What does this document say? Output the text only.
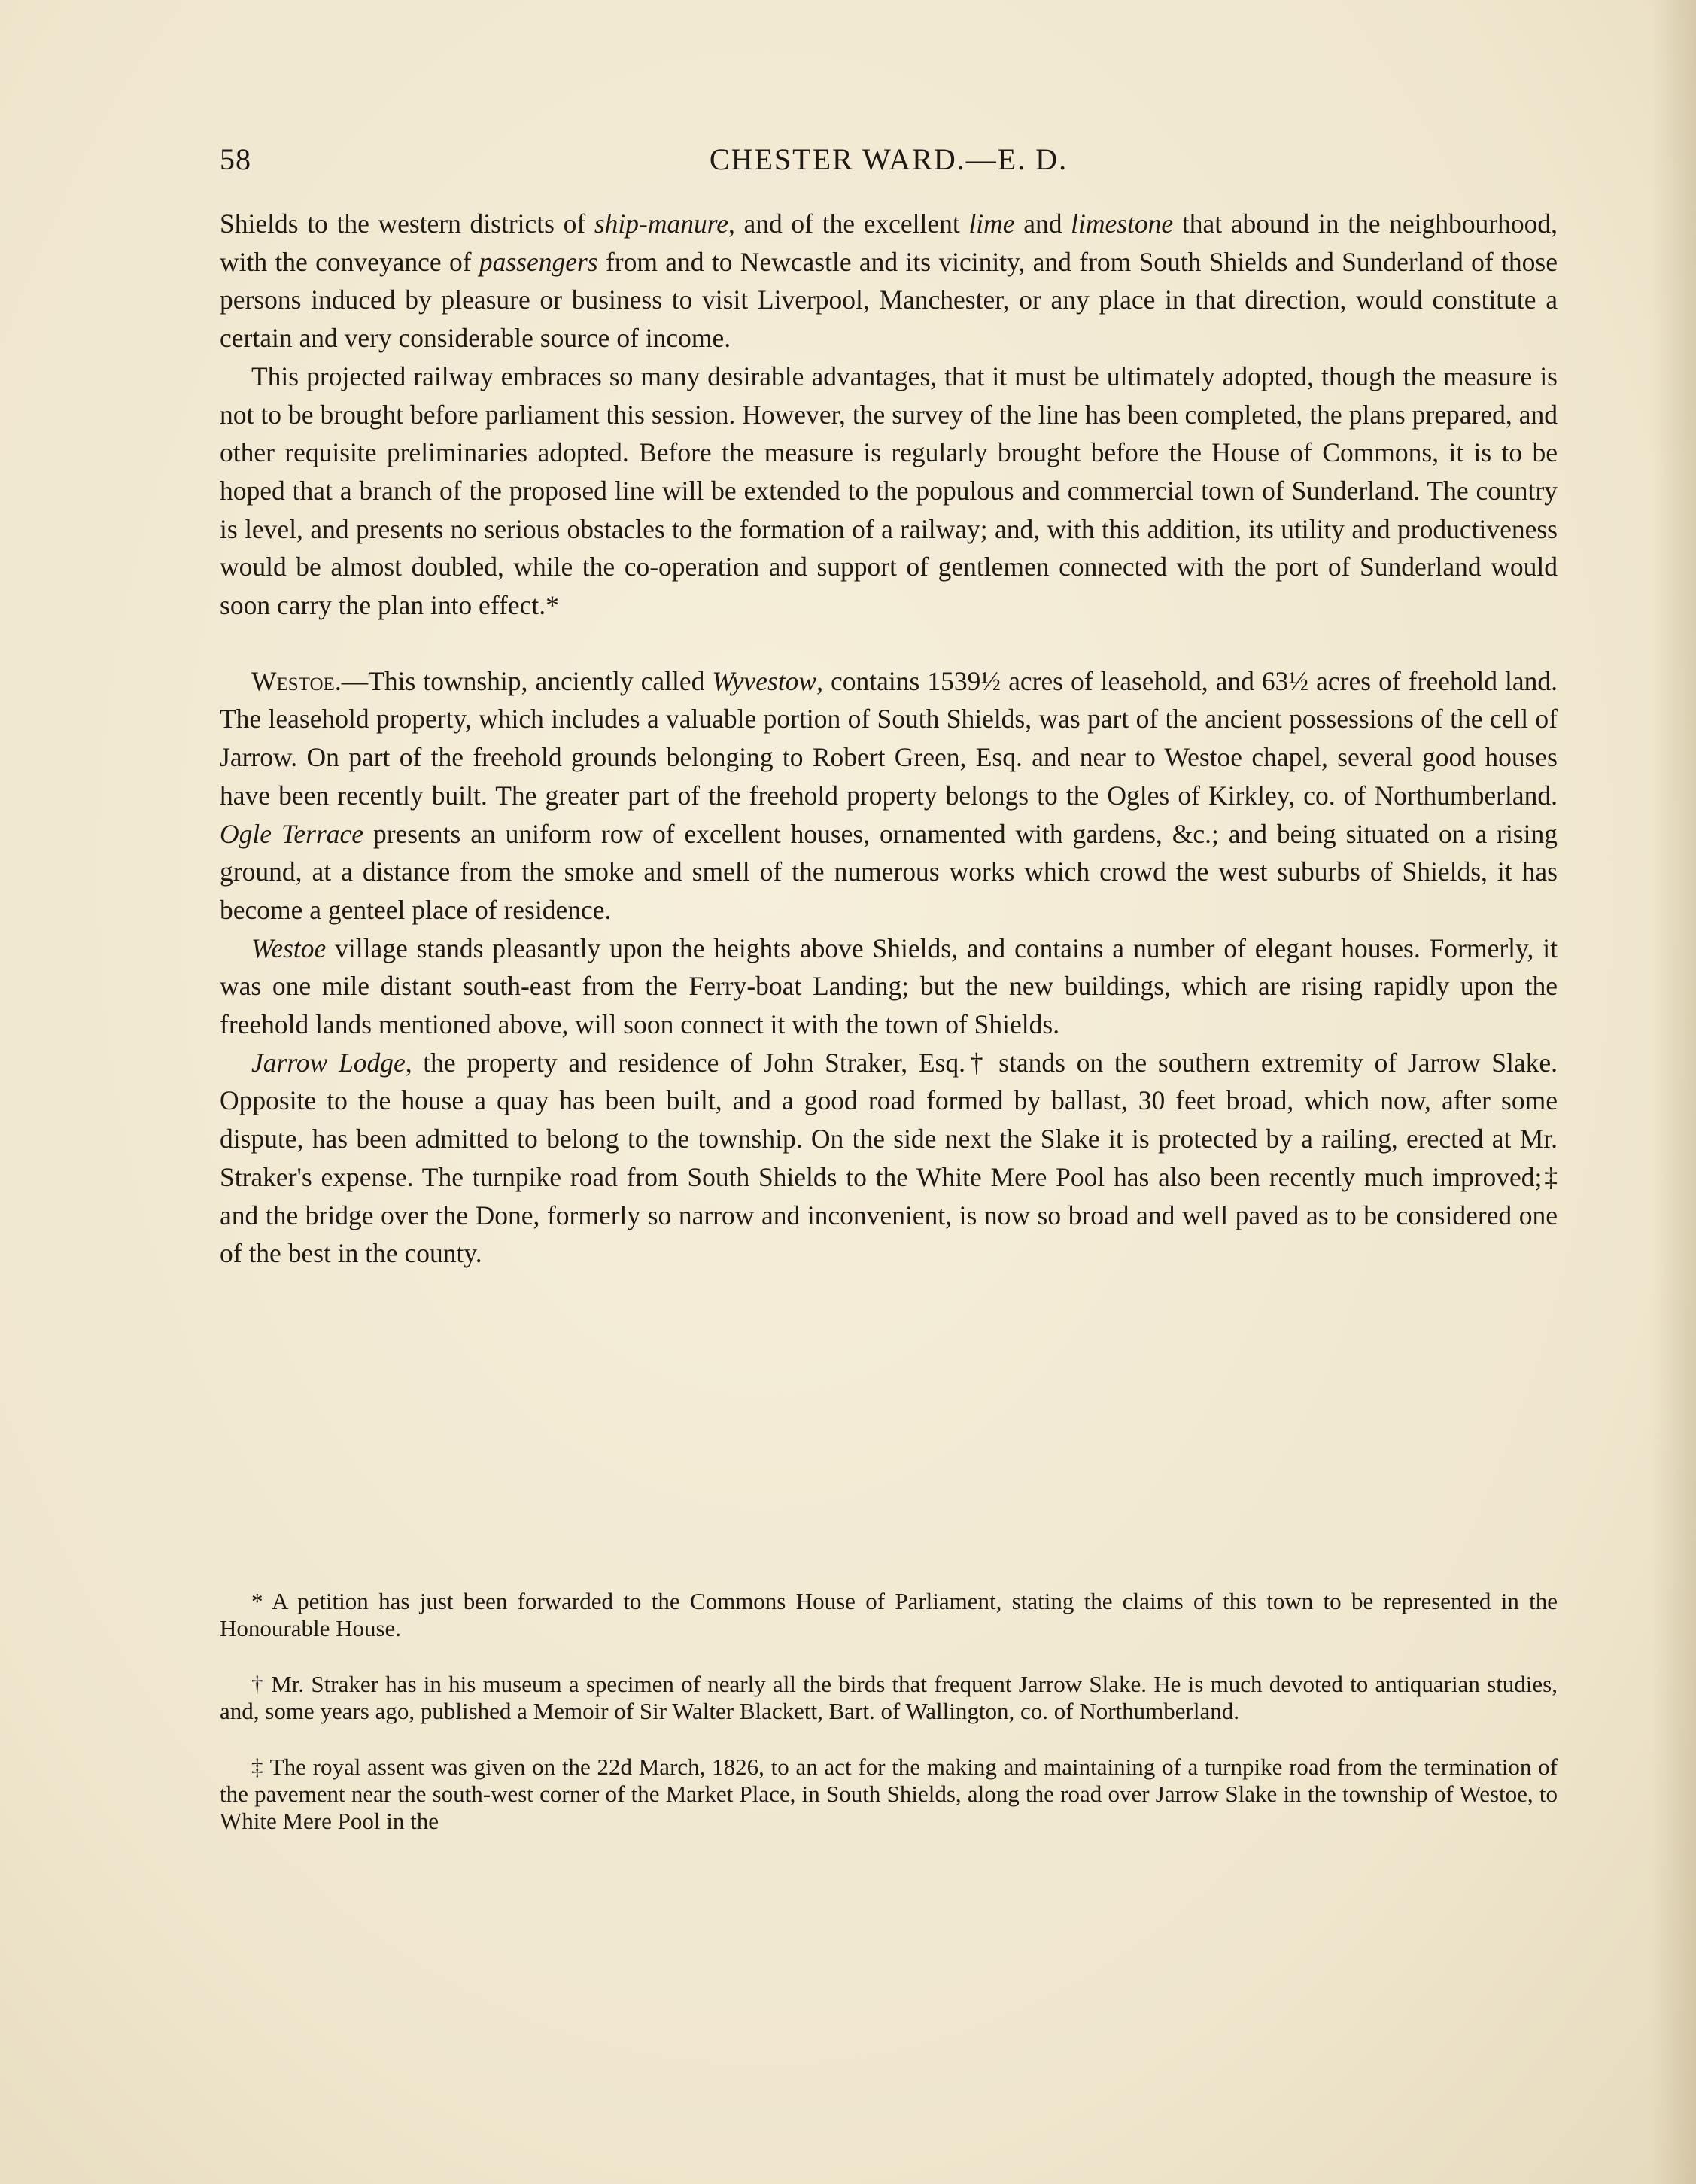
58	CHESTER WARD.—E. D.

Shields to the western districts of ship-manure, and of the excellent lime and limestone that abound in the neighbourhood, with the conveyance of passengers from and to Newcastle and its vicinity, and from South Shields and Sunderland of those persons induced by pleasure or business to visit Liverpool, Manchester, or any place in that direction, would constitute a certain and very considerable source of income.

This projected railway embraces so many desirable advantages, that it must be ultimately adopted, though the measure is not to be brought before parliament this session. However, the survey of the line has been completed, the plans prepared, and other requisite preliminaries adopted. Before the measure is regularly brought before the House of Commons, it is to be hoped that a branch of the proposed line will be extended to the populous and commercial town of Sunderland. The country is level, and presents no serious obstacles to the formation of a railway; and, with this addition, its utility and productiveness would be almost doubled, while the co-operation and support of gentlemen connected with the port of Sunderland would soon carry the plan into effect.*

Westoe.—This township, anciently called Wyvestow, contains 1539½ acres of leasehold, and 63½ acres of freehold land. The leasehold property, which includes a valuable portion of South Shields, was part of the ancient possessions of the cell of Jarrow. On part of the freehold grounds belonging to Robert Green, Esq. and near to Westoe chapel, several good houses have been recently built. The greater part of the freehold property belongs to the Ogles of Kirkley, co. of Northumberland. Ogle Terrace presents an uniform row of excellent houses, ornamented with gardens, &c.; and being situated on a rising ground, at a distance from the smoke and smell of the numerous works which crowd the west suburbs of Shields, it has become a genteel place of residence.

Westoe village stands pleasantly upon the heights above Shields, and contains a number of elegant houses. Formerly, it was one mile distant south-east from the Ferry-boat Landing; but the new buildings, which are rising rapidly upon the freehold lands mentioned above, will soon connect it with the town of Shields.

Jarrow Lodge, the property and residence of John Straker, Esq.† stands on the southern extremity of Jarrow Slake. Opposite to the house a quay has been built, and a good road formed by ballast, 30 feet broad, which now, after some dispute, has been admitted to belong to the township. On the side next the Slake it is protected by a railing, erected at Mr. Straker's expense. The turnpike road from South Shields to the White Mere Pool has also been recently much improved;‡ and the bridge over the Done, formerly so narrow and inconvenient, is now so broad and well paved as to be considered one of the best in the county.

* A petition has just been forwarded to the Commons House of Parliament, stating the claims of this town to be represented in the Honourable House.

† Mr. Straker has in his museum a specimen of nearly all the birds that frequent Jarrow Slake. He is much devoted to antiquarian studies, and, some years ago, published a Memoir of Sir Walter Blackett, Bart. of Wallington, co. of Northumberland.

‡ The royal assent was given on the 22d March, 1826, to an act for the making and maintaining of a turnpike road from the termination of the pavement near the south-west corner of the Market Place, in South Shields, along the road over Jarrow Slake in the township of Westoe, to White Mere Pool in the
